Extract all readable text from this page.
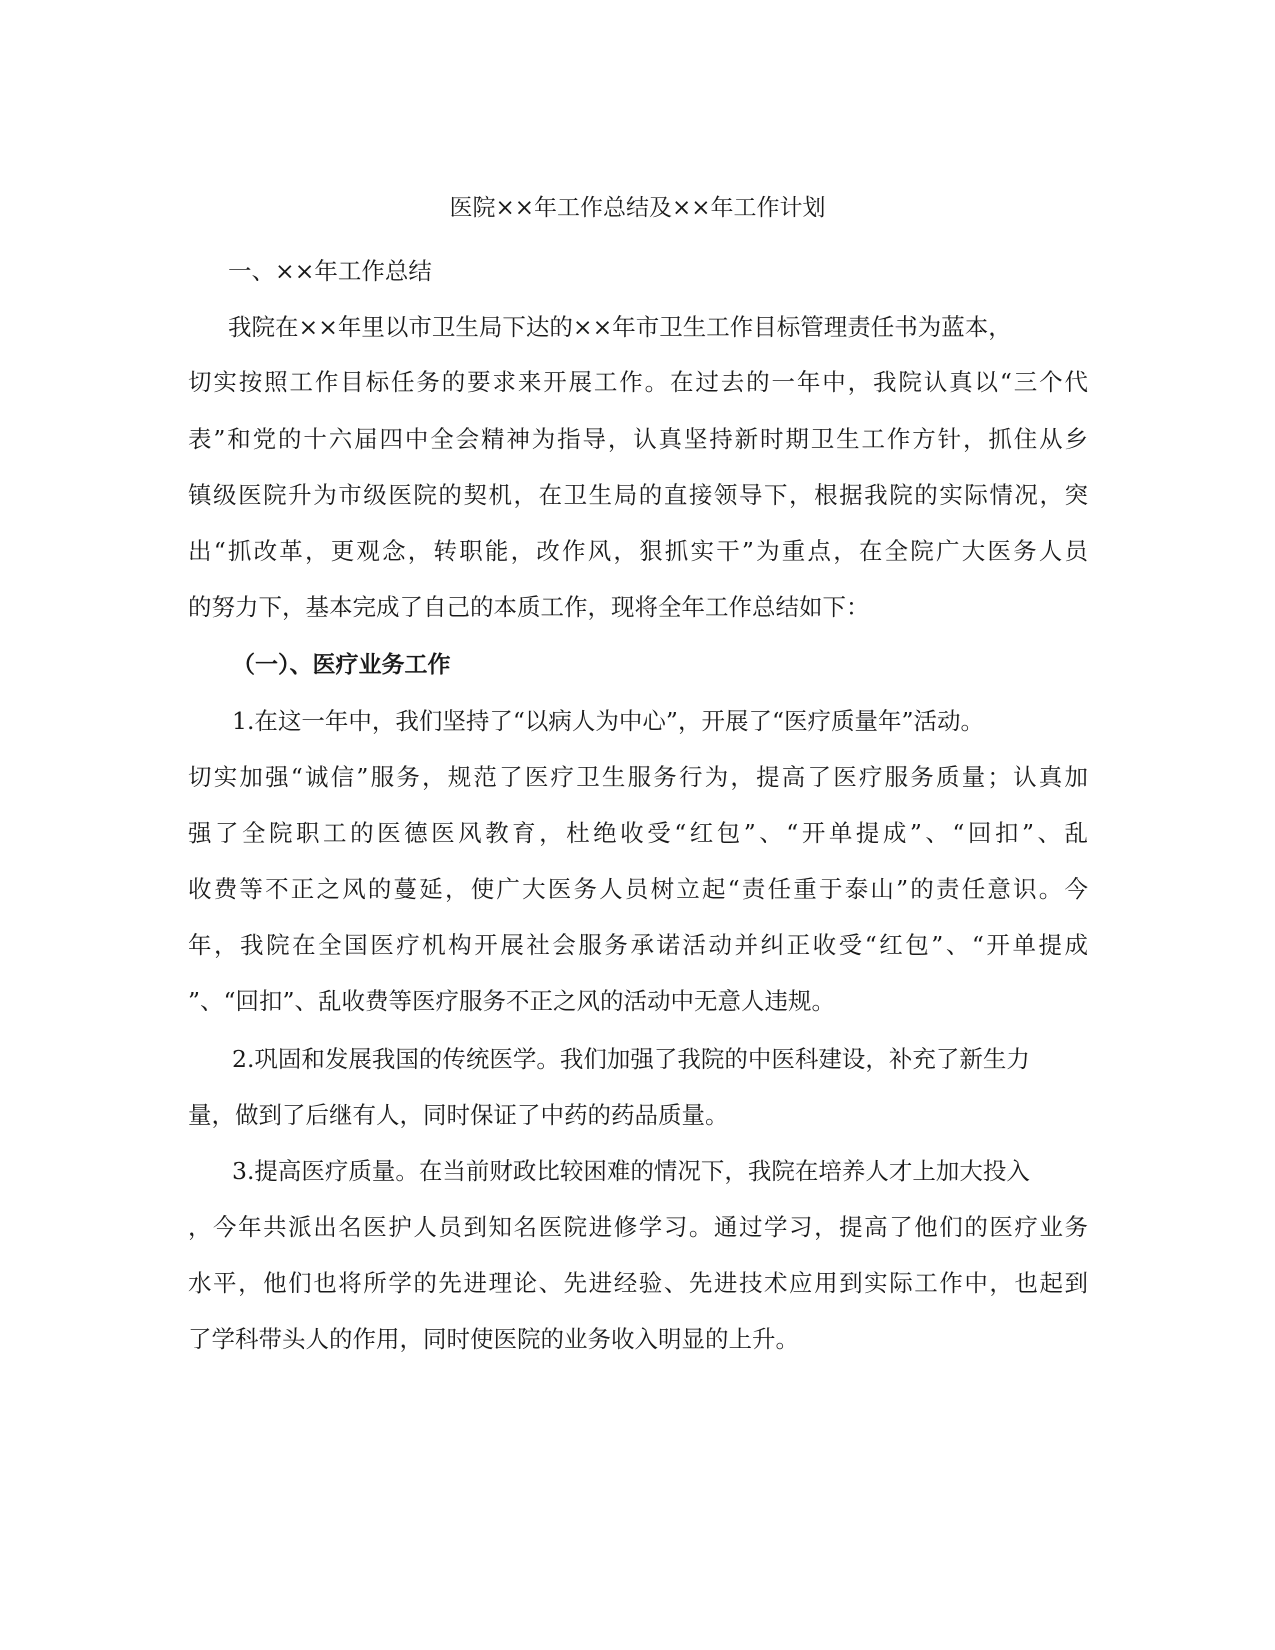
医院××年工作总结及××年工作计划
一、××年工作总结
我院在××年里以市卫生局下达的××年市卫生工作目标管理责任书为蓝本，
切实按照工作目标任务的要求来开展工作。在过去的一年中，我院认真以“三个代
表”和党的十六届四中全会精神为指导，认真坚持新时期卫生工作方针，抓住从乡
镇级医院升为市级医院的契机，在卫生局的直接领导下，根据我院的实际情况，突
出“抓改革，更观念，转职能，改作风，狠抓实干”为重点，在全院广大医务人员
的努力下，基本完成了自己的本质工作，现将全年工作总结如下：
（一）、医疗业务工作
1.在这一年中，我们坚持了“以病人为中心”，开展了“医疗质量年”活动。
切实加强“诚信”服务，规范了医疗卫生服务行为，提高了医疗服务质量；认真加
强了全院职工的医德医风教育，杜绝收受“红包”、“开单提成”、“回扣”、乱
收费等不正之风的蔓延，使广大医务人员树立起“责任重于泰山”的责任意识。今
年，我院在全国医疗机构开展社会服务承诺活动并纠正收受“红包”、“开单提成
”、“回扣”、乱收费等医疗服务不正之风的活动中无意人违规。
2.巩固和发展我国的传统医学。我们加强了我院的中医科建设，补充了新生力
量，做到了后继有人，同时保证了中药的药品质量。
3.提高医疗质量。在当前财政比较困难的情况下，我院在培养人才上加大投入
，今年共派出名医护人员到知名医院进修学习。通过学习，提高了他们的医疗业务
水平，他们也将所学的先进理论、先进经验、先进技术应用到实际工作中，也起到
了学科带头人的作用，同时使医院的业务收入明显的上升。
